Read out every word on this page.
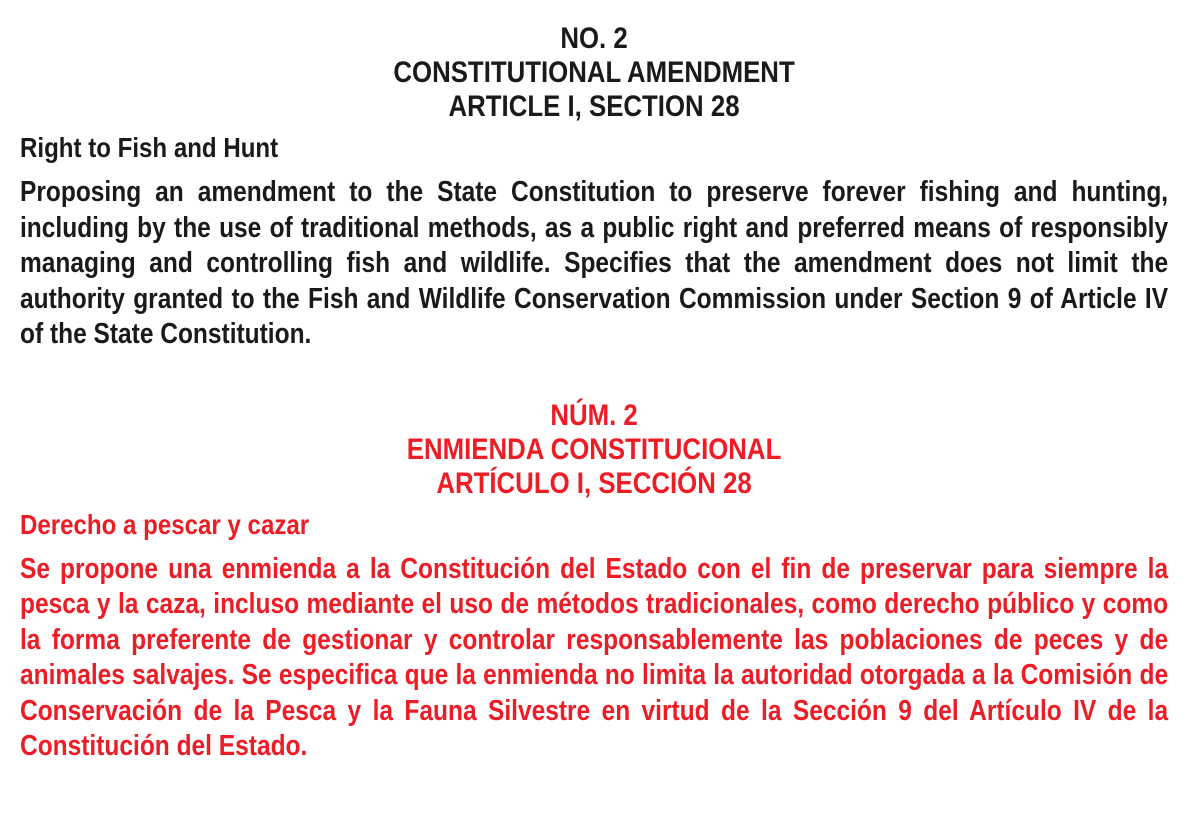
NO. 2
CONSTITUTIONAL AMENDMENT
ARTICLE I, SECTION 28
Right to Fish and Hunt
Proposing an amendment to the State Constitution to preserve forever fishing and hunting, including by the use of traditional methods, as a public right and preferred means of responsibly managing and controlling fish and wildlife. Specifies that the amendment does not limit the authority granted to the Fish and Wildlife Conservation Commission under Section 9 of Article IV of the State Constitution.
NÚM. 2
ENMIENDA CONSTITUCIONAL
ARTÍCULO I, SECCIÓN 28
Derecho a pescar y cazar
Se propone una enmienda a la Constitución del Estado con el fin de preservar para siempre la pesca y la caza, incluso mediante el uso de métodos tradicionales, como derecho público y como la forma preferente de gestionar y controlar responsablemente las poblaciones de peces y de animales salvajes. Se especifica que la enmienda no limita la autoridad otorgada a la Comisión de Conservación de la Pesca y la Fauna Silvestre en virtud de la Sección 9 del Artículo IV de la Constitución del Estado.
